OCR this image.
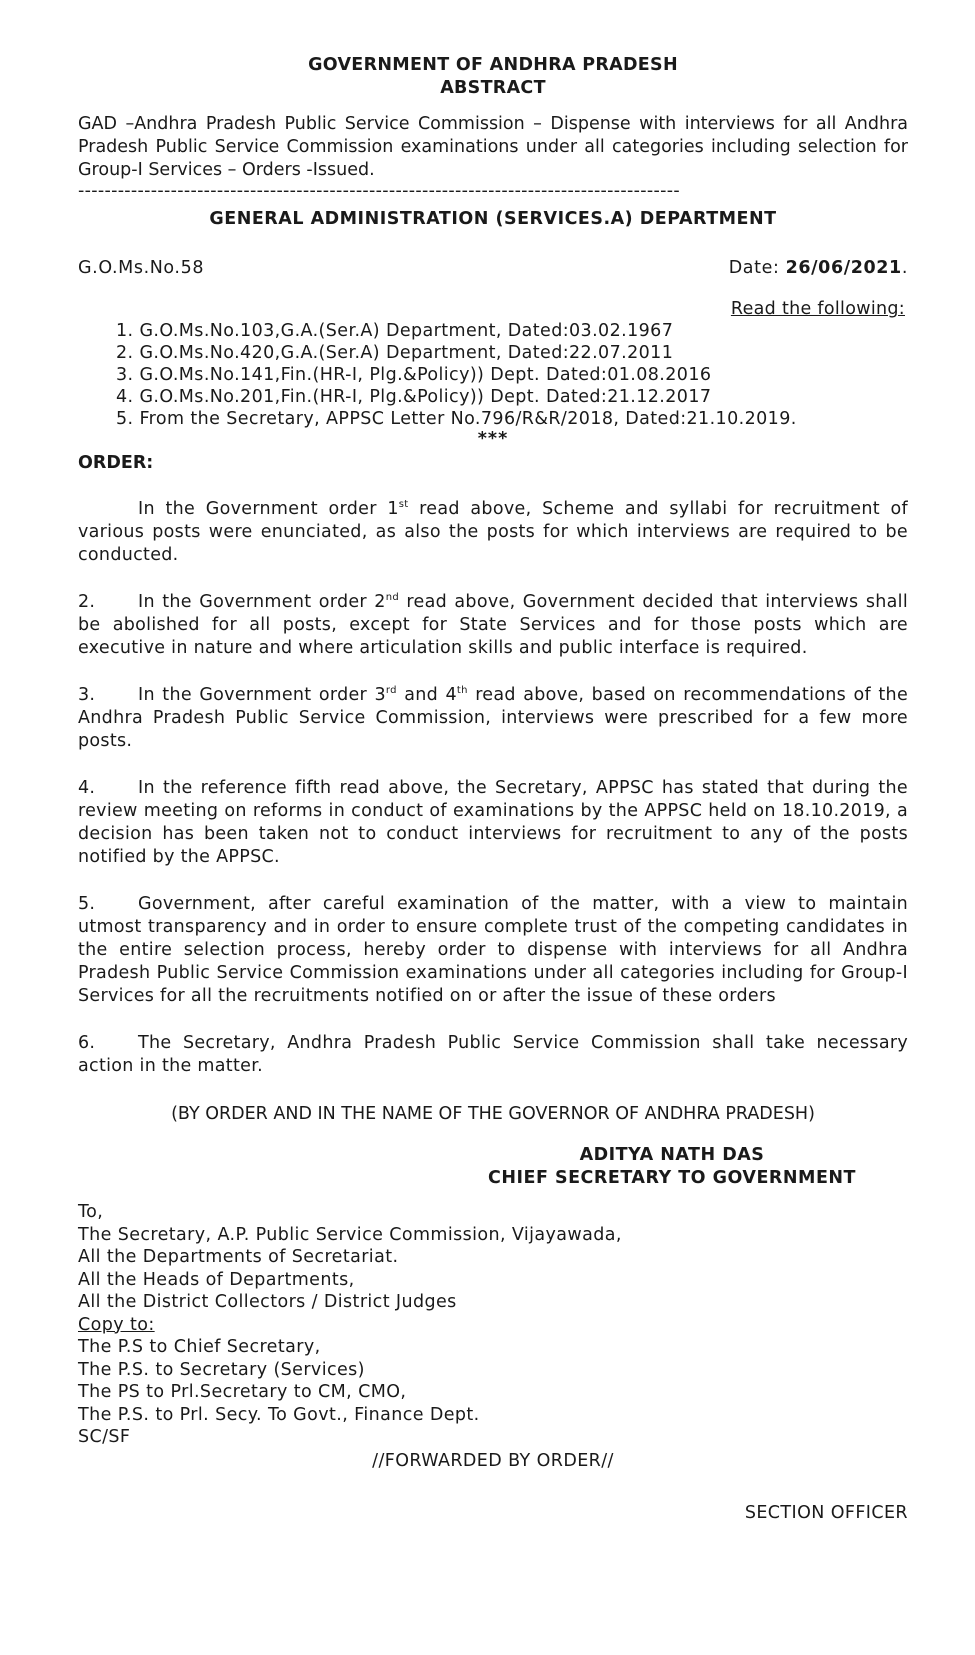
GOVERNMENT OF ANDHRA PRADESH
ABSTRACT
GAD –Andhra Pradesh Public Service Commission – Dispense with interviews for all Andhra Pradesh Public Service Commission examinations under all categories including selection for Group-I Services – Orders -Issued.
-------------------------------------------------------------------------------------------
GENERAL ADMINISTRATION (SERVICES.A) DEPARTMENT
G.O.Ms.No.58	Date: 26/06/2021.
Read the following:
1. G.O.Ms.No.103,G.A.(Ser.A) Department, Dated:03.02.1967
2. G.O.Ms.No.420,G.A.(Ser.A) Department, Dated:22.07.2011
3. G.O.Ms.No.141,Fin.(HR-I, Plg.&Policy)) Dept. Dated:01.08.2016
4. G.O.Ms.No.201,Fin.(HR-I, Plg.&Policy)) Dept. Dated:21.12.2017
5. From the Secretary, APPSC Letter No.796/R&R/2018, Dated:21.10.2019.
***
ORDER:
In the Government order 1st read above, Scheme and syllabi for recruitment of various posts were enunciated, as also the posts for which interviews are required to be conducted.
2. In the Government order 2nd read above, Government decided that interviews shall be abolished for all posts, except for State Services and for those posts which are executive in nature and where articulation skills and public interface is required.
3. In the Government order 3rd and 4th read above, based on recommendations of the Andhra Pradesh Public Service Commission, interviews were prescribed for a few more posts.
4. In the reference fifth read above, the Secretary, APPSC has stated that during the review meeting on reforms in conduct of examinations by the APPSC held on 18.10.2019, a decision has been taken not to conduct interviews for recruitment to any of the posts notified by the APPSC.
5. Government, after careful examination of the matter, with a view to maintain utmost transparency and in order to ensure complete trust of the competing candidates in the entire selection process, hereby order to dispense with interviews for all Andhra Pradesh Public Service Commission examinations under all categories including for Group-I Services for all the recruitments notified on or after the issue of these orders
6. The Secretary, Andhra Pradesh Public Service Commission shall take necessary action in the matter.
(BY ORDER AND IN THE NAME OF THE GOVERNOR OF ANDHRA PRADESH)
ADITYA NATH DAS
CHIEF SECRETARY TO GOVERNMENT
To,
The Secretary, A.P. Public Service Commission, Vijayawada,
All the Departments of Secretariat.
All the Heads of Departments,
All the District Collectors / District Judges
Copy to:
The P.S to Chief Secretary,
The P.S. to Secretary (Services)
The PS to Prl.Secretary to CM, CMO,
The P.S. to Prl. Secy. To Govt., Finance Dept.
SC/SF
//FORWARDED BY ORDER//
SECTION OFFICER
